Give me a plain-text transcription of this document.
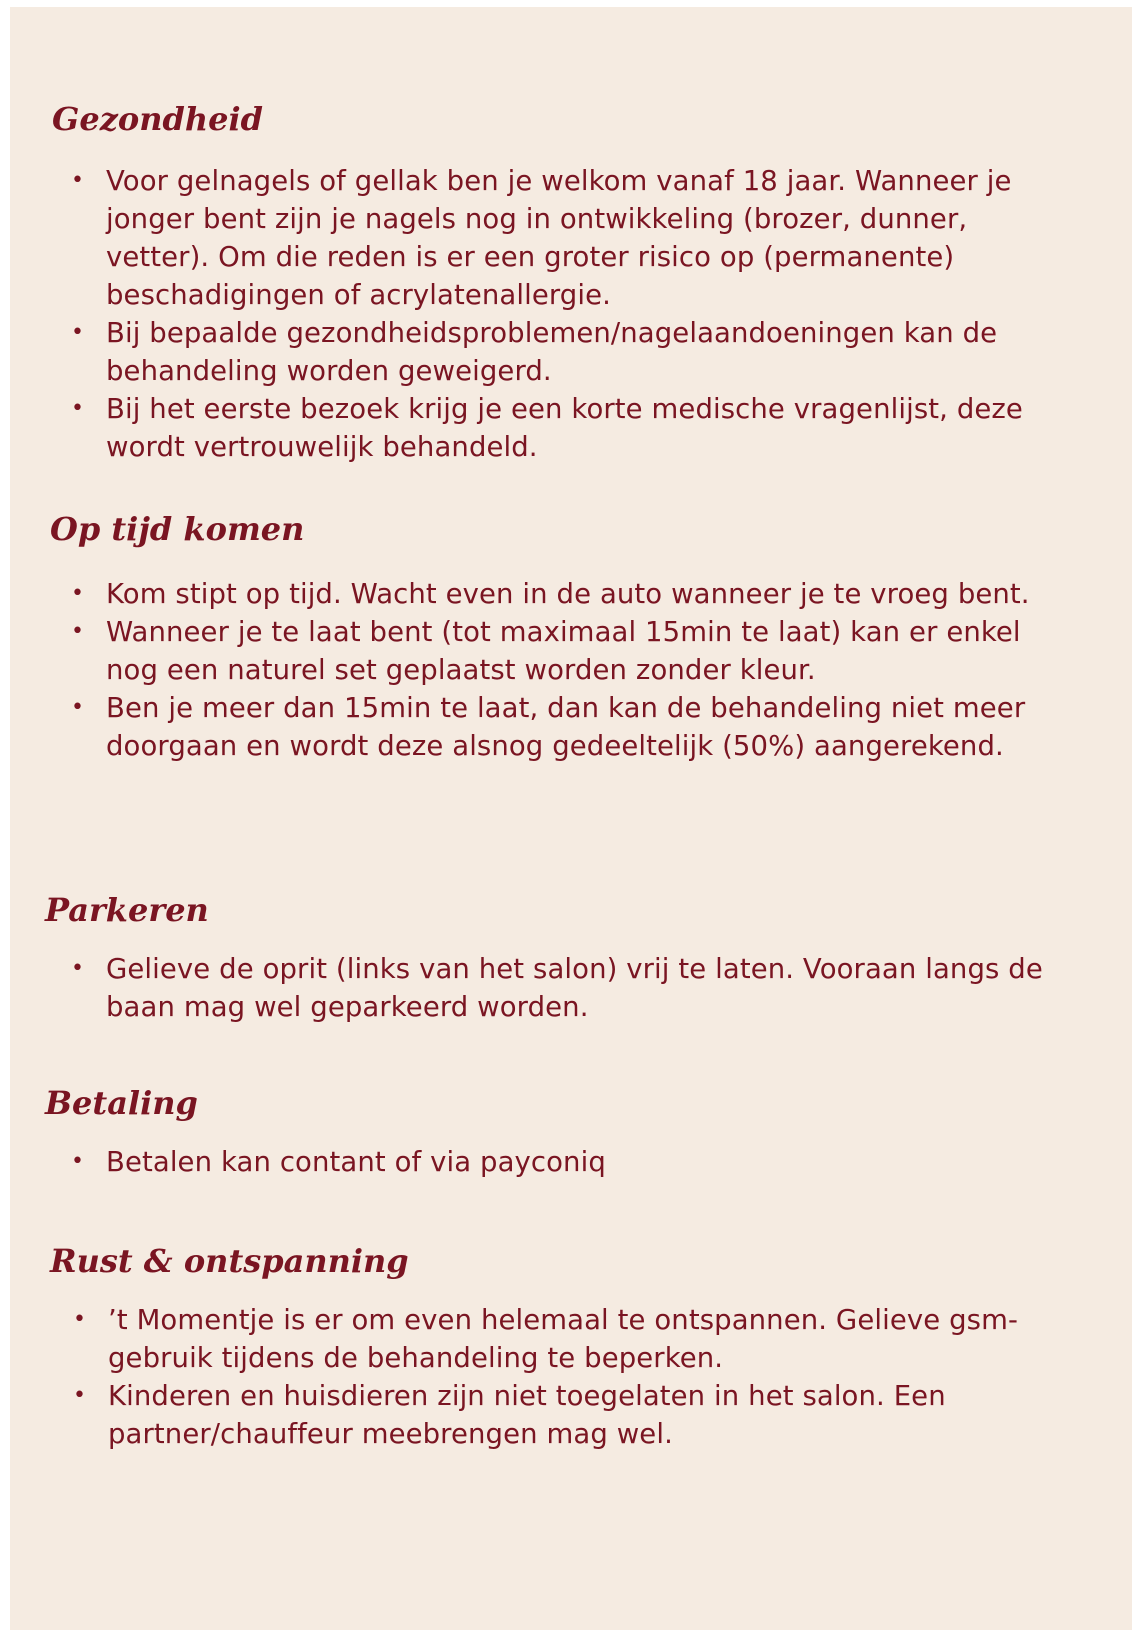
Gezondheid
• Voor gelnagels of gellak ben je welkom vanaf 18 jaar. Wanneer je jonger bent zijn je nagels nog in ontwikkeling (brozer, dunner, vetter). Om die reden is er een groter risico op (permanente) beschadigingen of acrylatenallergie.
• Bij bepaalde gezondheidsproblemen/nagelaandoeningen kan de behandeling worden geweigerd.
• Bij het eerste bezoek krijg je een korte medische vragenlijst, deze wordt vertrouwelijk behandeld.
Op tijd komen
• Kom stipt op tijd. Wacht even in de auto wanneer je te vroeg bent.
• Wanneer je te laat bent (tot maximaal 15min te laat) kan er enkel nog een naturel set geplaatst worden zonder kleur.
• Ben je meer dan 15min te laat, dan kan de behandeling niet meer doorgaan en wordt deze alsnog gedeeltelijk (50%) aangerekend.
Parkeren
• Gelieve de oprit (links van het salon) vrij te laten. Vooraan langs de baan mag wel geparkeerd worden.
Betaling
• Betalen kan contant of via payconiq
Rust & ontspanning
• ’t Momentje is er om even helemaal te ontspannen. Gelieve gsm-gebruik tijdens de behandeling te beperken.
• Kinderen en huisdieren zijn niet toegelaten in het salon. Een partner/chauffeur meebrengen mag wel.
